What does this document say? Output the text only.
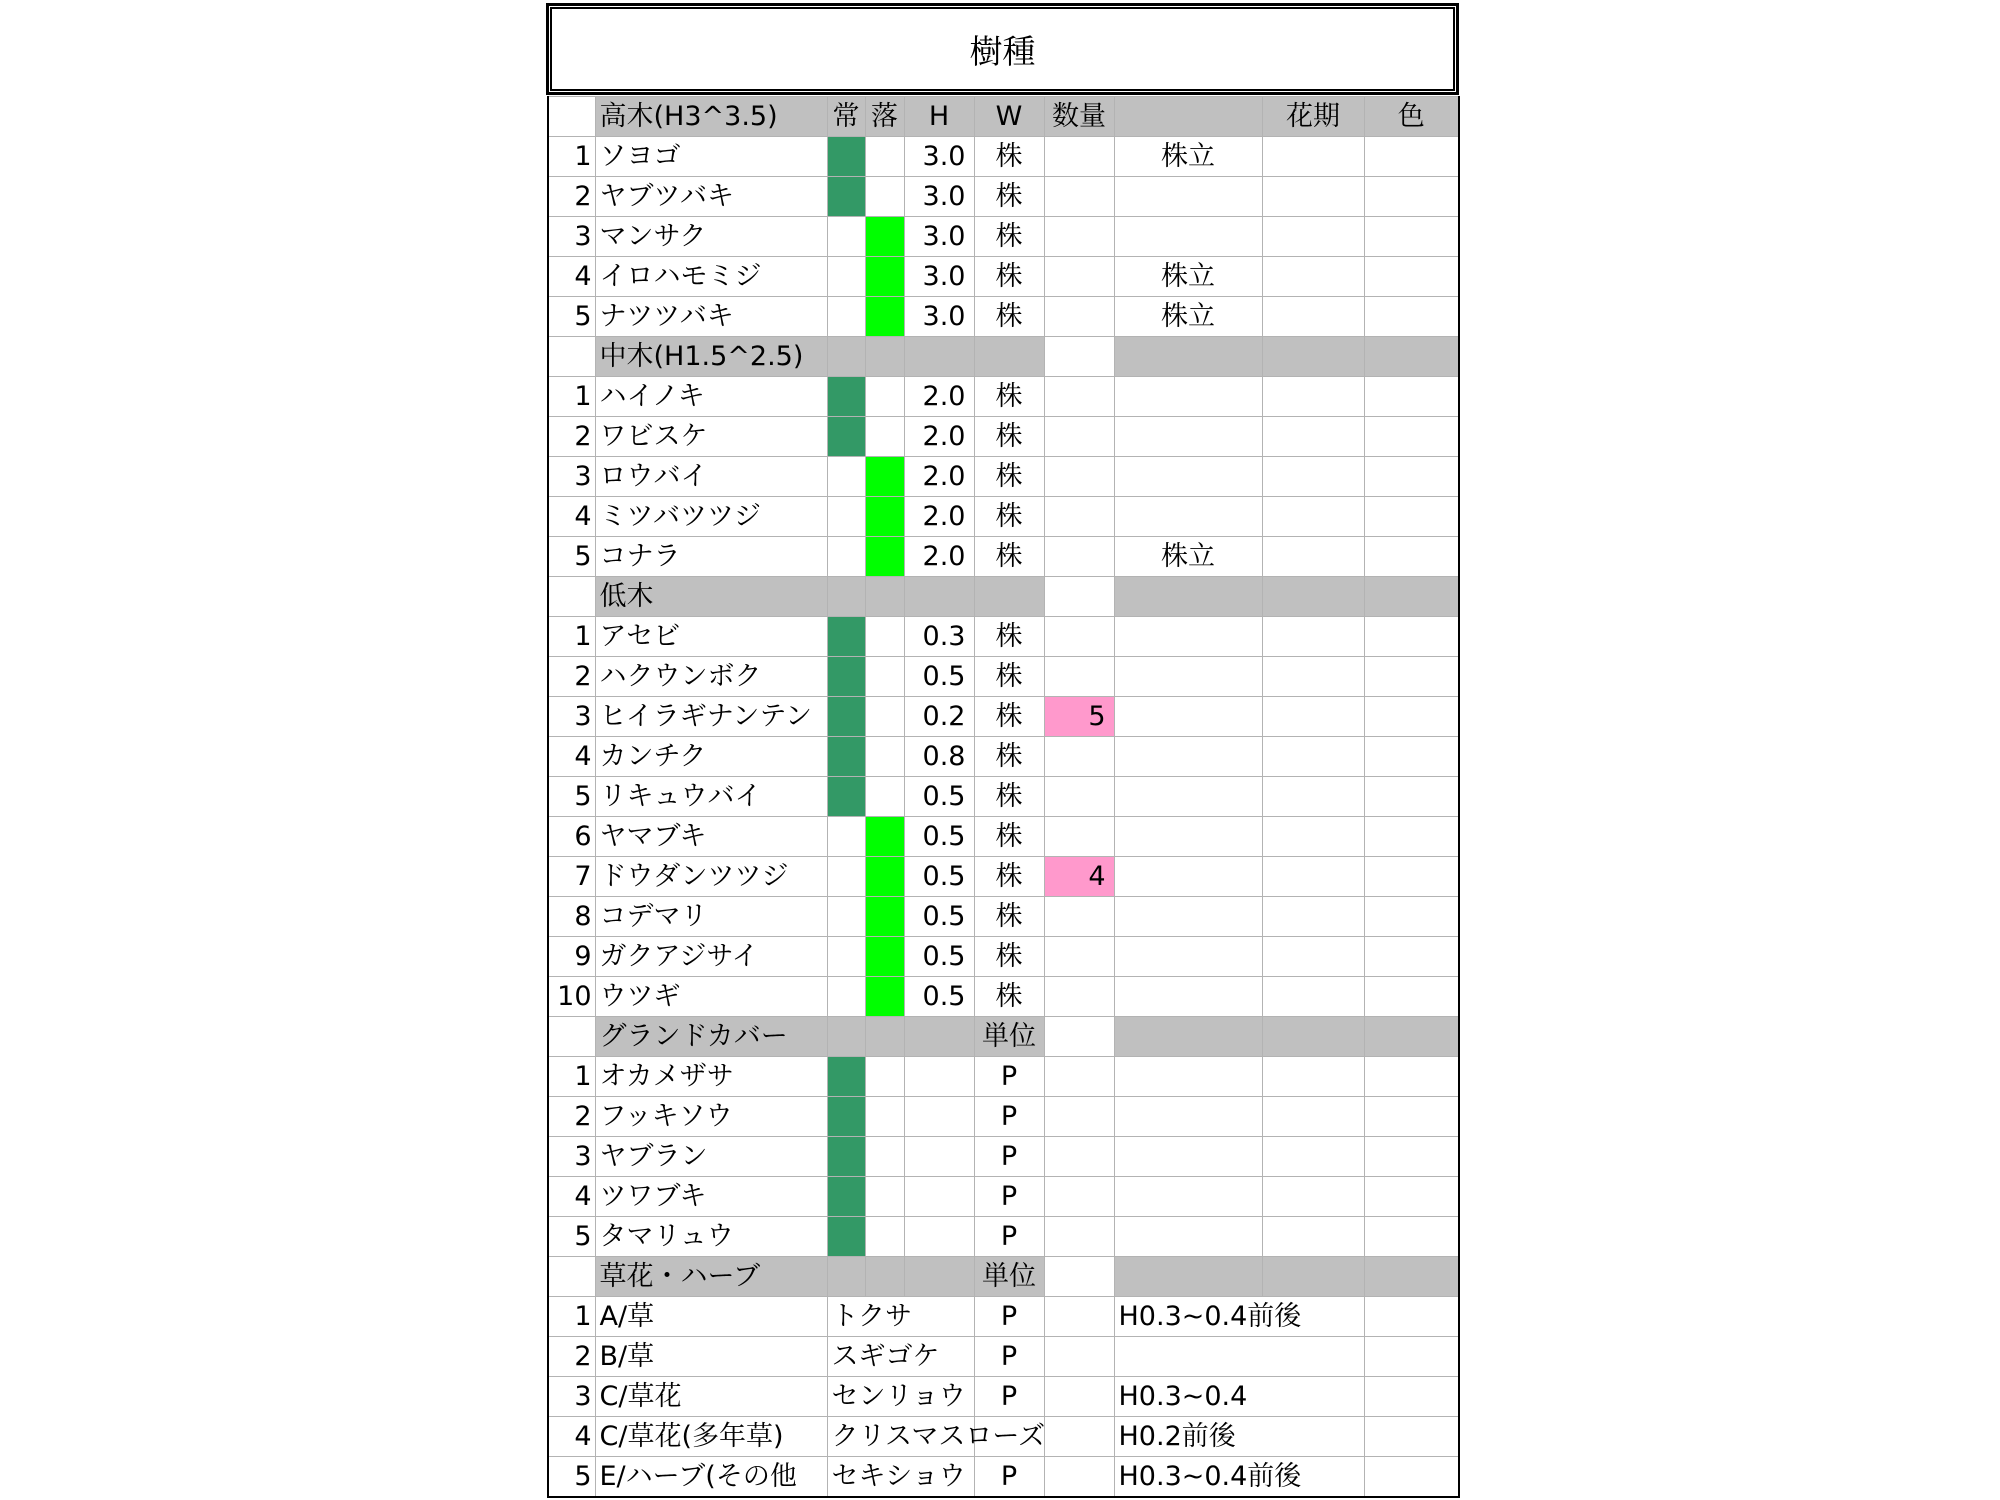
樹種
	高木(H3^3.5)	常	落	H	W	数量		花期	色
1	ソヨゴ			3.0	株		株立		
2	ヤブツバキ			3.0	株				
3	マンサク			3.0	株				
4	イロハモミジ			3.0	株		株立		
5	ナツツバキ			3.0	株		株立		
	中木(H1.5^2.5)								
1	ハイノキ			2.0	株				
2	ワビスケ			2.0	株				
3	ロウバイ			2.0	株				
4	ミツバツツジ			2.0	株				
5	コナラ			2.0	株		株立		
	低木								
1	アセビ			0.3	株				
2	ハクウンボク			0.5	株				
3	ヒイラギナンテン			0.2	株	5			
4	カンチク			0.8	株				
5	リキュウバイ			0.5	株				
6	ヤマブキ			0.5	株				
7	ドウダンツツジ			0.5	株	4			
8	コデマリ			0.5	株				
9	ガクアジサイ			0.5	株				
10	ウツギ			0.5	株				
	グランドカバー				単位				
1	オカメザサ				P				
2	フッキソウ				P				
3	ヤブラン				P				
4	ツワブキ				P				
5	タマリュウ				P				
	草花・ハーブ				単位				
1	A/草	トクサ			P		H0.3~0.4前後		
2	B/草	スギゴケ			P				
3	C/草花	センリョウ			P		H0.3~0.4		
4	C/草花(多年草)	クリスマスローズ					H0.2前後		
5	E/ハーブ(その他	セキショウ			P		H0.3~0.4前後		
